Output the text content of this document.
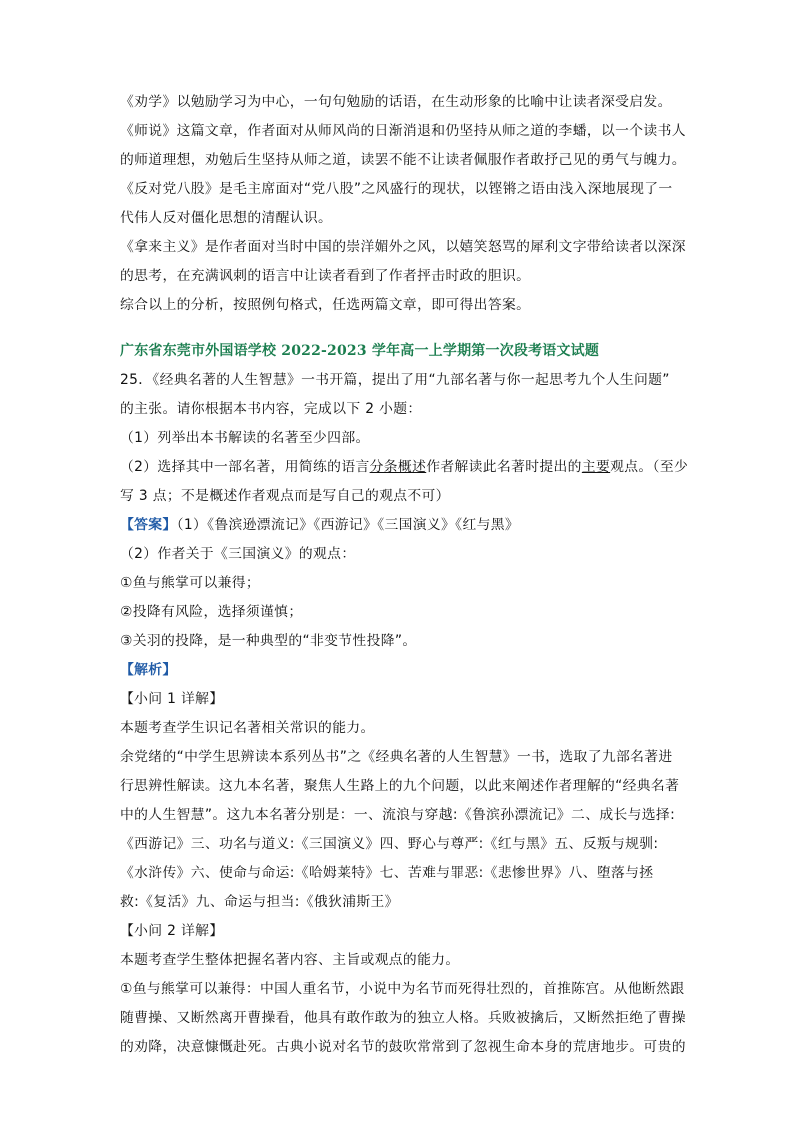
《劝学》以勉励学习为中心，一句句勉励的话语，在生动形象的比喻中让读者深受启发。
《师说》这篇文章，作者面对从师风尚的日渐消退和仍坚持从师之道的李蟠，以一个读书人
的师道理想，劝勉后生坚持从师之道，读罢不能不让读者佩服作者敢抒己见的勇气与魄力。
《反对党八股》是毛主席面对“党八股”之风盛行的现状，以铿锵之语由浅入深地展现了一
代伟人反对僵化思想的清醒认识。
《拿来主义》是作者面对当时中国的崇洋媚外之风，以嬉笑怒骂的犀利文字带给读者以深深
的思考，在充满讽刺的语言中让读者看到了作者抨击时政的胆识。
综合以上的分析，按照例句格式，任选两篇文章，即可得出答案。
广东省东莞市外国语学校 2022-2023 学年高一上学期第一次段考语文试题
25．《经典名著的人生智慧》一书开篇，提出了用“九部名著与你一起思考九个人生问题”
的主张。请你根据本书内容，完成以下 2 小题：
（1）列举出本书解读的名著至少四部。
（2）选择其中一部名著，用简练的语言分条概述作者解读此名著时提出的主要观点。（至少
写 3 点；不是概述作者观点而是写自己的观点不可）
【答案】（1）《鲁滨逊漂流记》《西游记》《三国演义》《红与黑》
（2）作者关于《三国演义》的观点：
①鱼与熊掌可以兼得；
②投降有风险，选择须谨慎；
③关羽的投降，是一种典型的“非变节性投降”。
【解析】
【小问 1 详解】
本题考查学生识记名著相关常识的能力。
余党绪的“中学生思辨读本系列丛书”之《经典名著的人生智慧》一书，选取了九部名著进
行思辨性解读。这九本名著，聚焦人生路上的九个问题，以此来阐述作者理解的“经典名著
中的人生智慧”。这九本名著分别是：一、流浪与穿越:《鲁滨孙漂流记》二、成长与选择:
《西游记》三、功名与道义:《三国演义》四、野心与尊严:《红与黑》五、反叛与规驯:
《水浒传》六、使命与命运:《哈姆莱特》七、苦难与罪恶:《悲惨世界》八、堕落与拯
救:《复活》九、命运与担当:《俄狄浦斯王》
【小问 2 详解】
本题考查学生整体把握名著内容、主旨或观点的能力。
①鱼与熊掌可以兼得：中国人重名节，小说中为名节而死得壮烈的，首推陈宫。从他断然跟
随曹操、又断然离开曹操看，他具有敢作敢为的独立人格。兵败被擒后，又断然拒绝了曹操
的劝降，决意慷慨赴死。古典小说对名节的鼓吹常常到了忽视生命本身的荒唐地步。可贵的
